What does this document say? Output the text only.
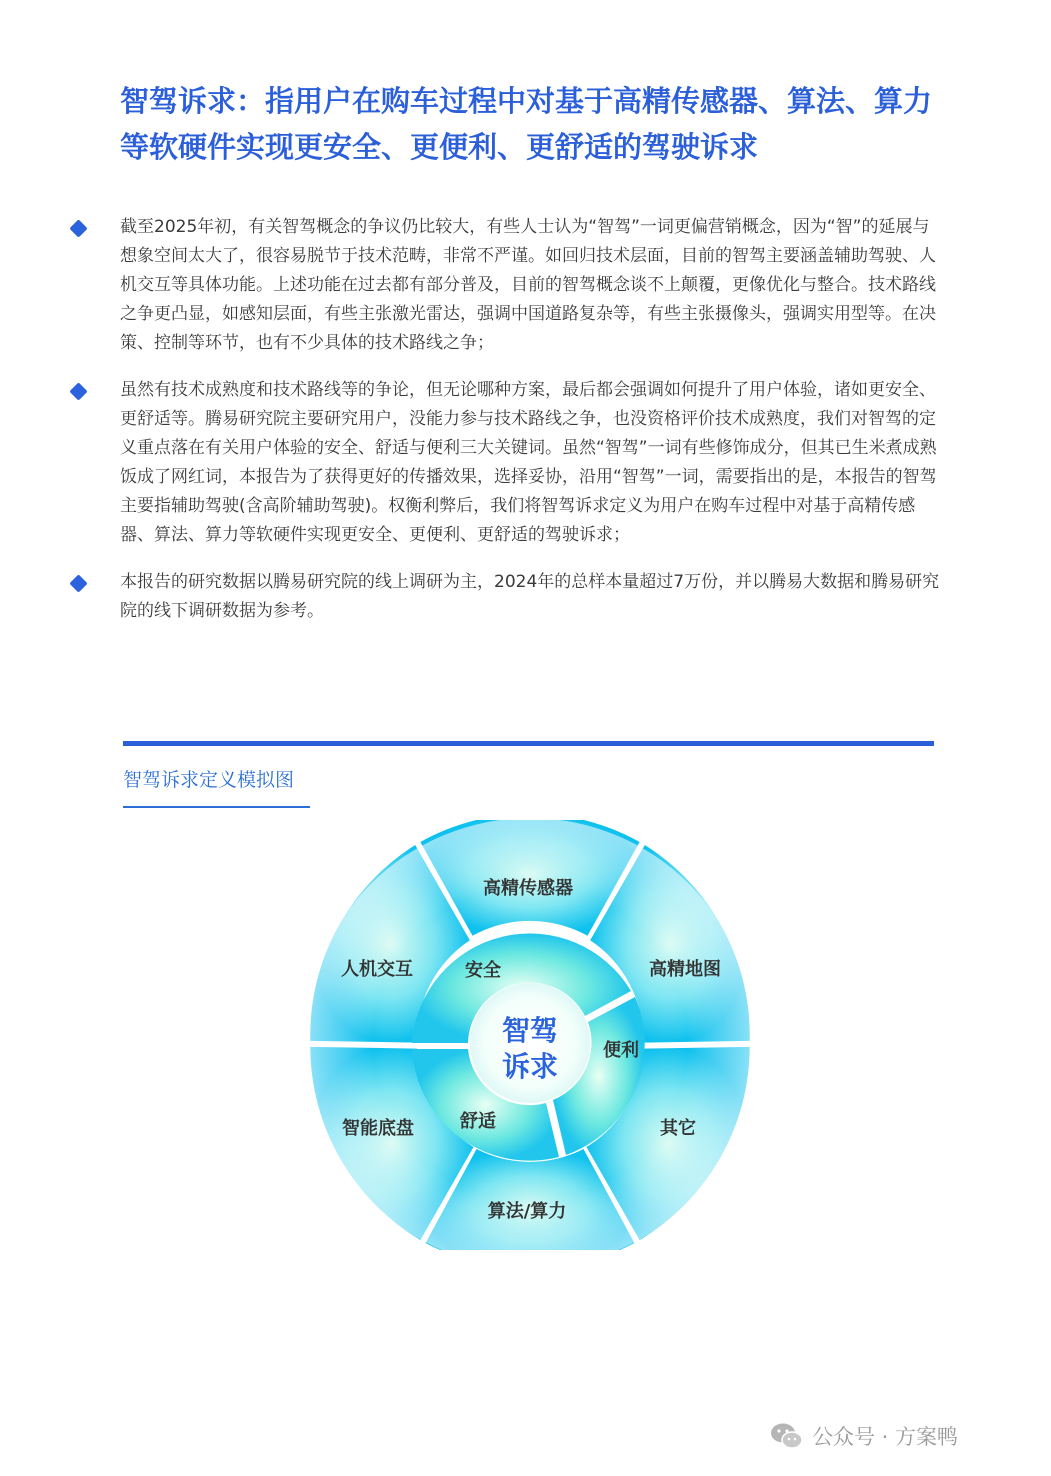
智驾诉求：指用户在购车过程中对基于高精传感器、算法、算力等软硬件实现更安全、更便利、更舒适的驾驶诉求
截至2025年初，有关智驾概念的争议仍比较大，有些人士认为“智驾”一词更偏营销概念，因为“智”的延展与想象空间太大了，很容易脱节于技术范畴，非常不严谨。如回归技术层面，目前的智驾主要涵盖辅助驾驶、人机交互等具体功能。上述功能在过去都有部分普及，目前的智驾概念谈不上颠覆，更像优化与整合。技术路线之争更凸显，如感知层面，有些主张激光雷达，强调中国道路复杂等，有些主张摄像头，强调实用型等。在决策、控制等环节，也有不少具体的技术路线之争；
虽然有技术成熟度和技术路线等的争论，但无论哪种方案，最后都会强调如何提升了用户体验，诸如更安全、更舒适等。腾易研究院主要研究用户，没能力参与技术路线之争，也没资格评价技术成熟度，我们对智驾的定义重点落在有关用户体验的安全、舒适与便利三大关键词。虽然“智驾”一词有些修饰成分，但其已生米煮成熟饭成了网红词，本报告为了获得更好的传播效果，选择妥协，沿用“智驾”一词，需要指出的是，本报告的智驾主要指辅助驾驶(含高阶辅助驾驶)。权衡利弊后，我们将智驾诉求定义为用户在购车过程中对基于高精传感器、算法、算力等软硬件实现更安全、更便利、更舒适的驾驶诉求；
本报告的研究数据以腾易研究院的线上调研为主，2024年的总样本量超过7万份，并以腾易大数据和腾易研究院的线下调研数据为参考。
智驾诉求定义模拟图
智驾
诉求
安全
便利
舒适
高精传感器
高精地图
其它
算法/算力
智能底盘
人机交互
公众号 · 方案鸭
